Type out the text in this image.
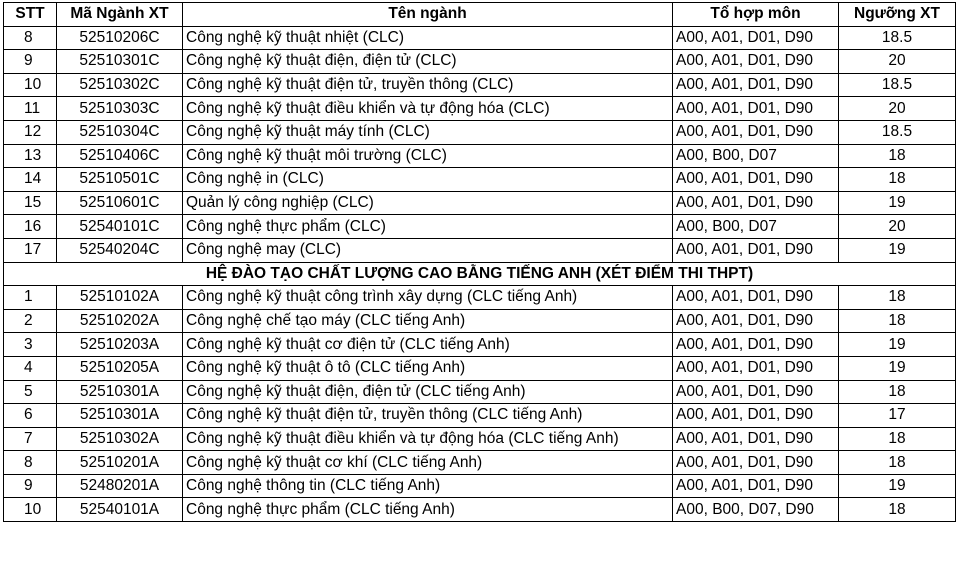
STT	Mã Ngành XT	Tên ngành	Tổ hợp môn	Ngưỡng XT
8	52510206C	Công nghệ kỹ thuật nhiệt (CLC)	A00, A01, D01, D90	18.5
9	52510301C	Công nghệ kỹ thuật điện, điện tử (CLC)	A00, A01, D01, D90	20
10	52510302C	Công nghệ kỹ thuật điện tử, truyền thông (CLC)	A00, A01, D01, D90	18.5
11	52510303C	Công nghệ kỹ thuật điều khiển và tự động hóa (CLC)	A00, A01, D01, D90	20
12	52510304C	Công nghệ kỹ thuật máy tính (CLC)	A00, A01, D01, D90	18.5
13	52510406C	Công nghệ kỹ thuật môi trường (CLC)	A00, B00, D07	18
14	52510501C	Công nghệ in (CLC)	A00, A01, D01, D90	18
15	52510601C	Quản lý công nghiệp (CLC)	A00, A01, D01, D90	19
16	52540101C	Công nghệ thực phẩm (CLC)	A00, B00, D07	20
17	52540204C	Công nghệ may (CLC)	A00, A01, D01, D90	19
HỆ ĐÀO TẠO CHẤT LƯỢNG CAO BẰNG TIẾNG ANH (XÉT ĐIỂM THI THPT)				
1	52510102A	Công nghệ kỹ thuật công trình xây dựng (CLC tiếng Anh)	A00, A01, D01, D90	18
2	52510202A	Công nghệ chế tạo máy (CLC tiếng Anh)	A00, A01, D01, D90	18
3	52510203A	Công nghệ kỹ thuật cơ điện tử (CLC tiếng Anh)	A00, A01, D01, D90	19
4	52510205A	Công nghệ kỹ thuật ô tô (CLC tiếng Anh)	A00, A01, D01, D90	19
5	52510301A	Công nghệ kỹ thuật điện, điện tử (CLC tiếng Anh)	A00, A01, D01, D90	18
6	52510301A	Công nghệ kỹ thuật điện tử, truyền thông (CLC tiếng Anh)	A00, A01, D01, D90	17
7	52510302A	Công nghệ kỹ thuật điều khiển và tự động hóa (CLC tiếng Anh)	A00, A01, D01, D90	18
8	52510201A	Công nghệ kỹ thuật cơ khí (CLC tiếng Anh)	A00, A01, D01, D90	18
9	52480201A	Công nghệ thông tin (CLC tiếng Anh)	A00, A01, D01, D90	19
10	52540101A	Công nghệ thực phẩm (CLC tiếng Anh)	A00, B00, D07, D90	18
